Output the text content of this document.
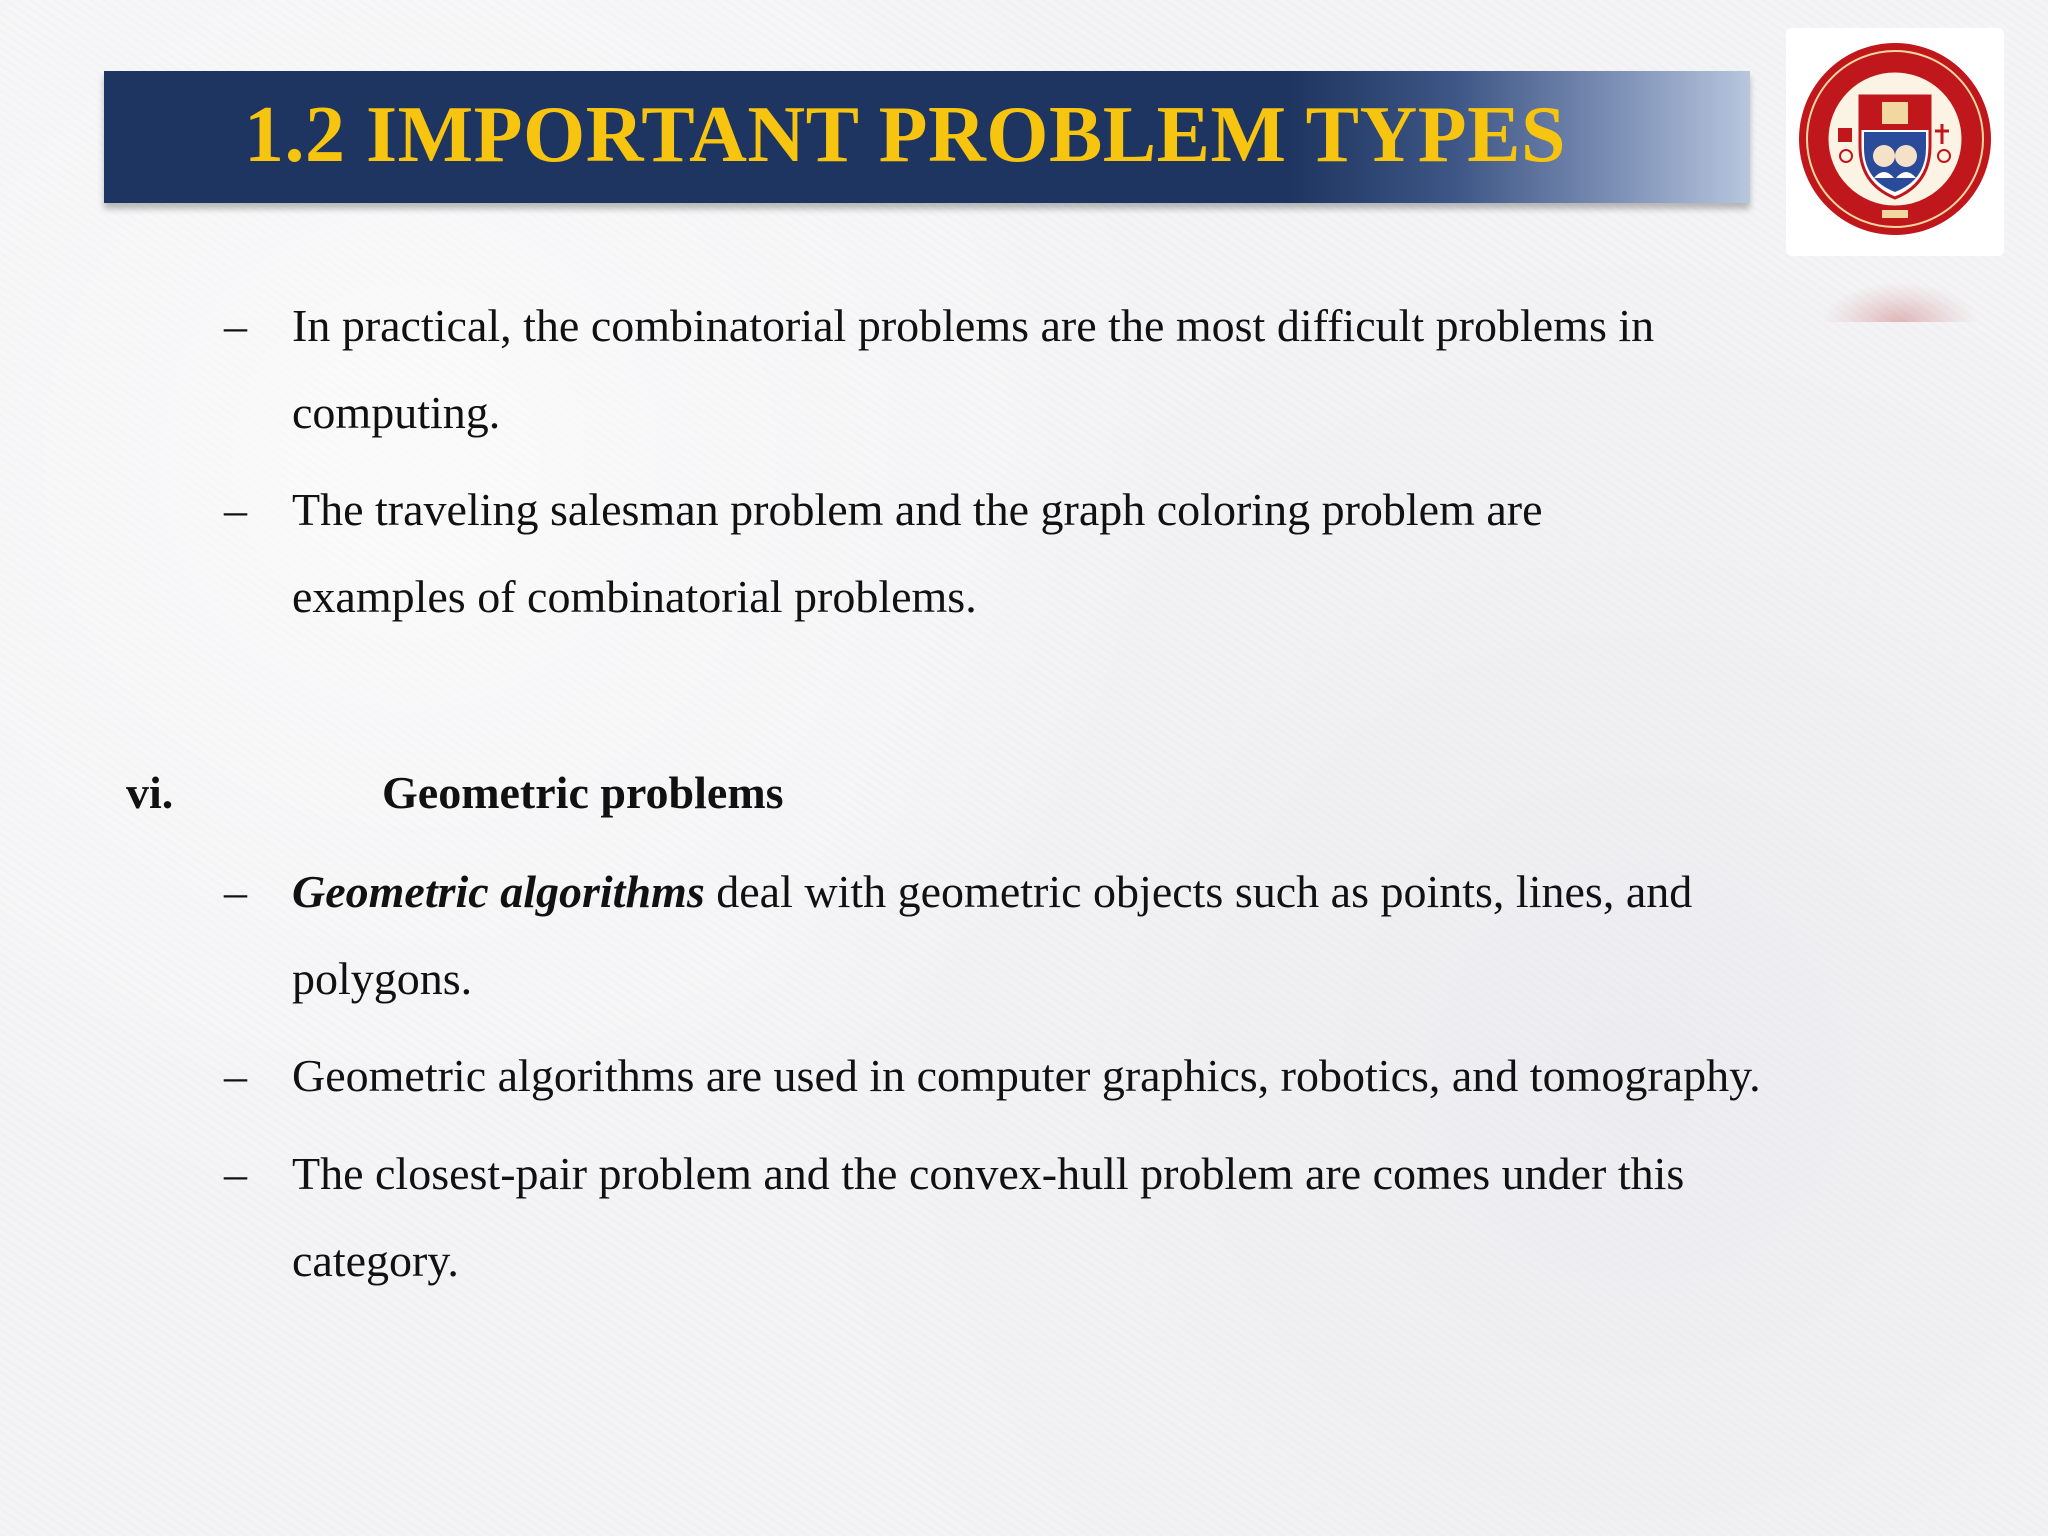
1.2 IMPORTANT PROBLEM TYPES
– In practical, the combinatorial problems are the most difficult problems in
computing.
– The traveling salesman problem and the graph coloring problem are
examples of combinatorial problems.
vi.	Geometric problems
– Geometric algorithms deal with geometric objects such as points, lines, and
polygons.
– Geometric algorithms are used in computer graphics, robotics, and tomography.
– The closest-pair problem and the convex-hull problem are comes under this
category.
